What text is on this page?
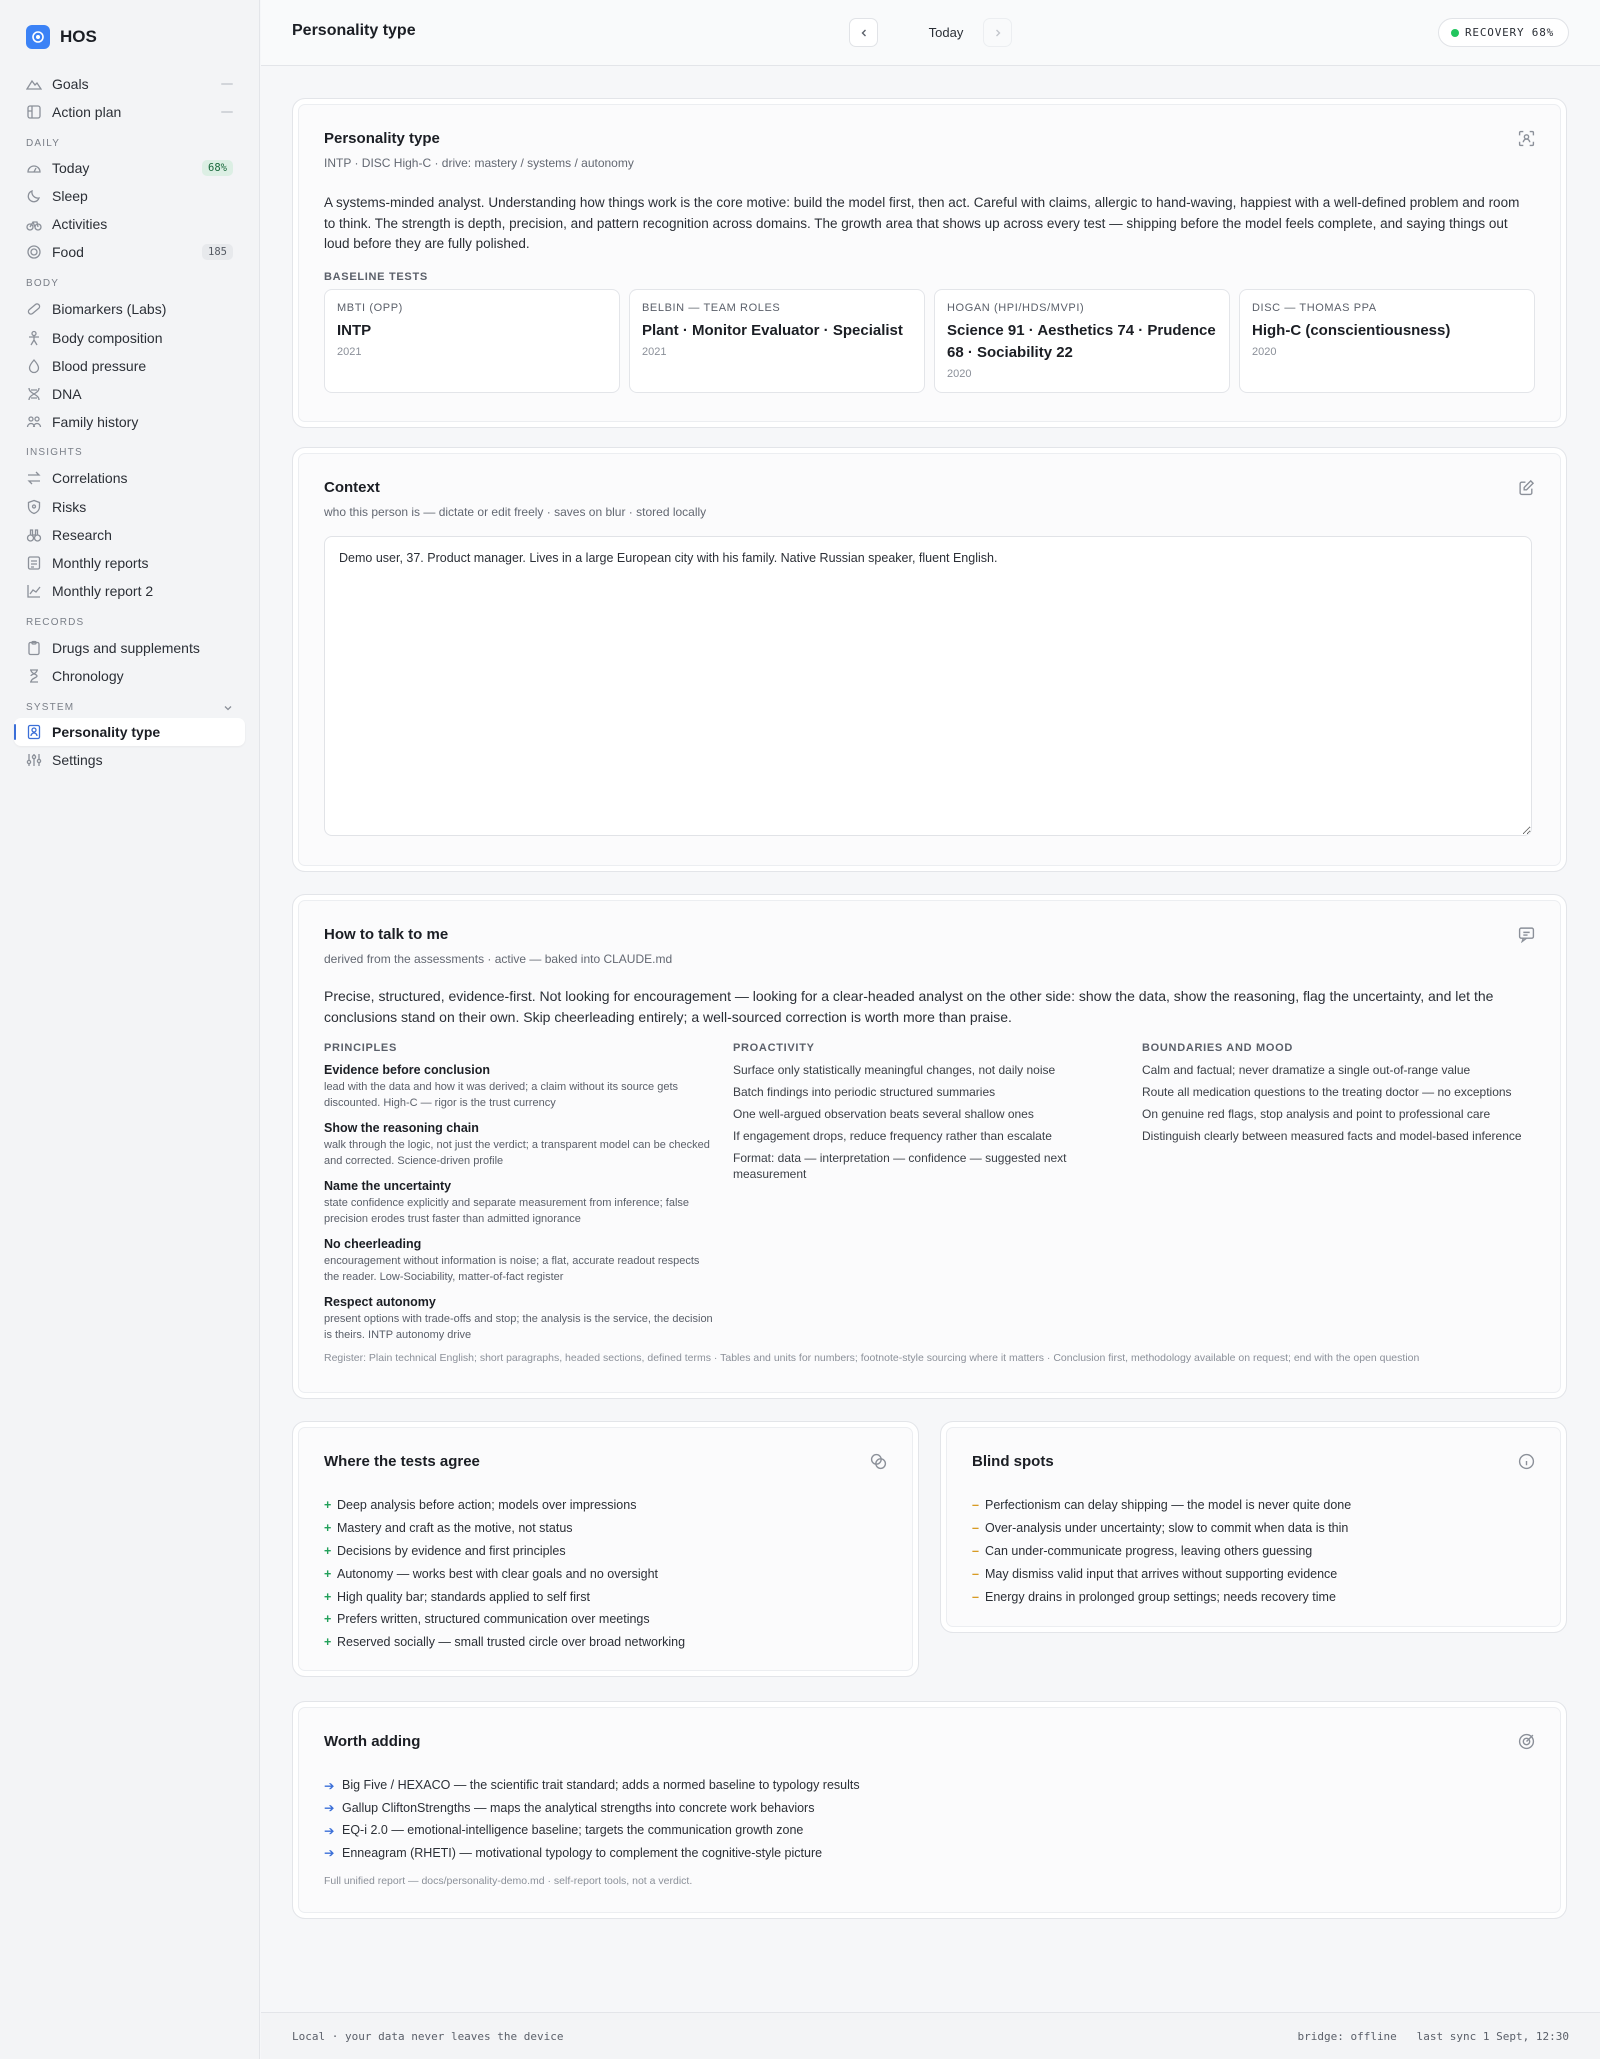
HOS
Goals
Action plan
DAILY
Today	68%
Sleep
Activities
Food	185
BODY
Biomarkers (Labs)
Body composition
Blood pressure
DNA
Family history
INSIGHTS
Correlations
Risks
Research
Monthly reports
Monthly report 2
RECORDS
Drugs and supplements
Chronology
SYSTEM
Personality type
Settings
Personality type	Today	RECOVERY 68%
Personality type
INTP · DISC High-C · drive: mastery / systems / autonomy
A systems-minded analyst. Understanding how things work is the core motive: build the model first, then act. Careful with claims, allergic to hand-waving, happiest with a well-defined problem and room to think. The strength is depth, precision, and pattern recognition across domains. The growth area that shows up across every test — shipping before the model feels complete, and saying things out loud before they are fully polished.
BASELINE TESTS
MBTI (OPP)
INTP
2021
BELBIN — TEAM ROLES
Plant · Monitor Evaluator · Specialist
2021
HOGAN (HPI/HDS/MVPI)
Science 91 · Aesthetics 74 · Prudence 68 · Sociability 22
2020
DISC — THOMAS PPA
High-C (conscientiousness)
2020
Context
who this person is — dictate or edit freely · saves on blur · stored locally
Demo user, 37. Product manager. Lives in a large European city with his family. Native Russian speaker, fluent English.
How to talk to me
derived from the assessments · active — baked into CLAUDE.md
Precise, structured, evidence-first. Not looking for encouragement — looking for a clear-headed analyst on the other side: show the data, show the reasoning, flag the uncertainty, and let the conclusions stand on their own. Skip cheerleading entirely; a well-sourced correction is worth more than praise.
PRINCIPLES
Evidence before conclusion
lead with the data and how it was derived; a claim without its source gets discounted. High-C — rigor is the trust currency
Show the reasoning chain
walk through the logic, not just the verdict; a transparent model can be checked and corrected. Science-driven profile
Name the uncertainty
state confidence explicitly and separate measurement from inference; false precision erodes trust faster than admitted ignorance
No cheerleading
encouragement without information is noise; a flat, accurate readout respects the reader. Low-Sociability, matter-of-fact register
Respect autonomy
present options with trade-offs and stop; the analysis is the service, the decision is theirs. INTP autonomy drive
PROACTIVITY
Surface only statistically meaningful changes, not daily noise
Batch findings into periodic structured summaries
One well-argued observation beats several shallow ones
If engagement drops, reduce frequency rather than escalate
Format: data — interpretation — confidence — suggested next measurement
BOUNDARIES AND MOOD
Calm and factual; never dramatize a single out-of-range value
Route all medication questions to the treating doctor — no exceptions
On genuine red flags, stop analysis and point to professional care
Distinguish clearly between measured facts and model-based inference
Register: Plain technical English; short paragraphs, headed sections, defined terms · Tables and units for numbers; footnote-style sourcing where it matters · Conclusion first, methodology available on request; end with the open question
Where the tests agree
+ Deep analysis before action; models over impressions
+ Mastery and craft as the motive, not status
+ Decisions by evidence and first principles
+ Autonomy — works best with clear goals and no oversight
+ High quality bar; standards applied to self first
+ Prefers written, structured communication over meetings
+ Reserved socially — small trusted circle over broad networking
Blind spots
– Perfectionism can delay shipping — the model is never quite done
– Over-analysis under uncertainty; slow to commit when data is thin
– Can under-communicate progress, leaving others guessing
– May dismiss valid input that arrives without supporting evidence
– Energy drains in prolonged group settings; needs recovery time
Worth adding
➔ Big Five / HEXACO — the scientific trait standard; adds a normed baseline to typology results
➔ Gallup CliftonStrengths — maps the analytical strengths into concrete work behaviors
➔ EQ-i 2.0 — emotional-intelligence baseline; targets the communication growth zone
➔ Enneagram (RHETI) — motivational typology to complement the cognitive-style picture
Full unified report — docs/personality-demo.md · self-report tools, not a verdict.
Local · your data never leaves the device	bridge: offline   last sync 1 Sept, 12:30
